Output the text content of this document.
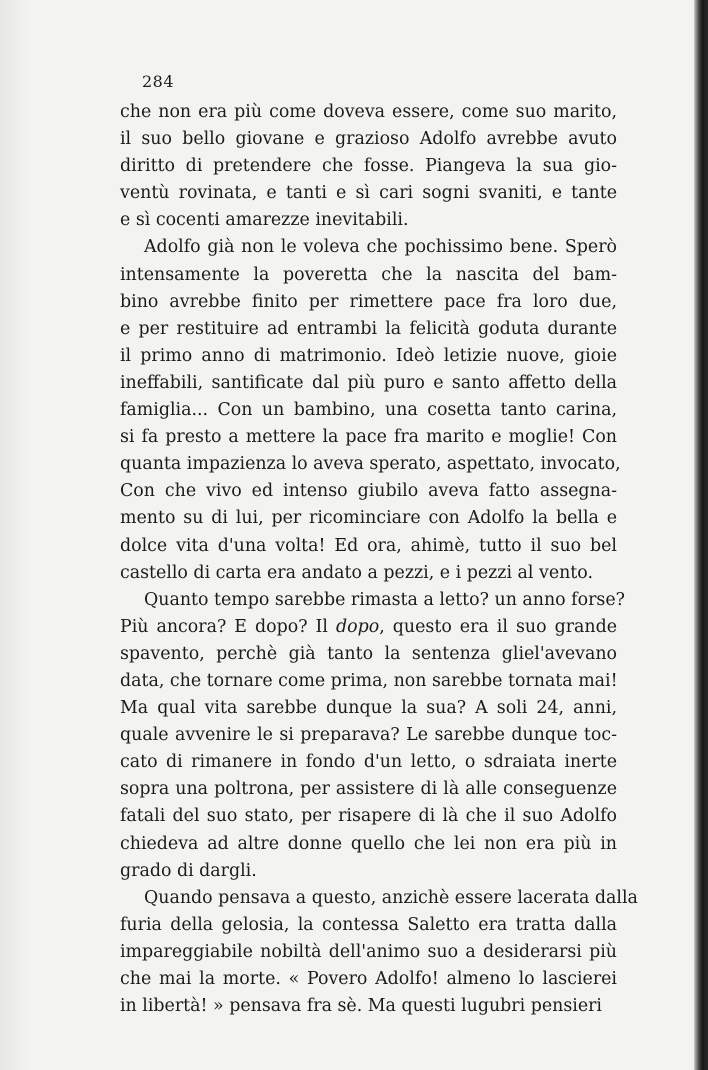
284
che non era più come doveva essere, come suo marito,
il suo bello giovane e grazioso Adolfo avrebbe avuto
diritto di pretendere che fosse. Piangeva la sua gio-
ventù rovinata, e tanti e sì cari sogni svaniti, e tante
e sì cocenti amarezze inevitabili.
Adolfo già non le voleva che pochissimo bene. Sperò
intensamente la poveretta che la nascita del bam-
bino avrebbe finito per rimettere pace fra loro due,
e per restituire ad entrambi la felicità goduta durante
il primo anno di matrimonio. Ideò letizie nuove, gioie
ineffabili, santificate dal più puro e santo affetto della
famiglia... Con un bambino, una cosetta tanto carina,
si fa presto a mettere la pace fra marito e moglie! Con
quanta impazienza lo aveva sperato, aspettato, invocato,
Con che vivo ed intenso giubilo aveva fatto assegna-
mento su di lui, per ricominciare con Adolfo la bella e
dolce vita d'una volta! Ed ora, ahimè, tutto il suo bel
castello di carta era andato a pezzi, e i pezzi al vento.
Quanto tempo sarebbe rimasta a letto? un anno forse?
Più ancora? E dopo? Il dopo, questo era il suo grande
spavento, perchè già tanto la sentenza gliel'avevano
data, che tornare come prima, non sarebbe tornata mai!
Ma qual vita sarebbe dunque la sua? A soli 24, anni,
quale avvenire le si preparava? Le sarebbe dunque toc-
cato di rimanere in fondo d'un letto, o sdraiata inerte
sopra una poltrona, per assistere di là alle conseguenze
fatali del suo stato, per risapere di là che il suo Adolfo
chiedeva ad altre donne quello che lei non era più in
grado di dargli.
Quando pensava a questo, anzichè essere lacerata dalla
furia della gelosia, la contessa Saletto era tratta dalla
impareggiabile nobiltà dell'animo suo a desiderarsi più
che mai la morte. « Povero Adolfo! almeno lo lascierei
in libertà! » pensava fra sè. Ma questi lugubri pensieri
